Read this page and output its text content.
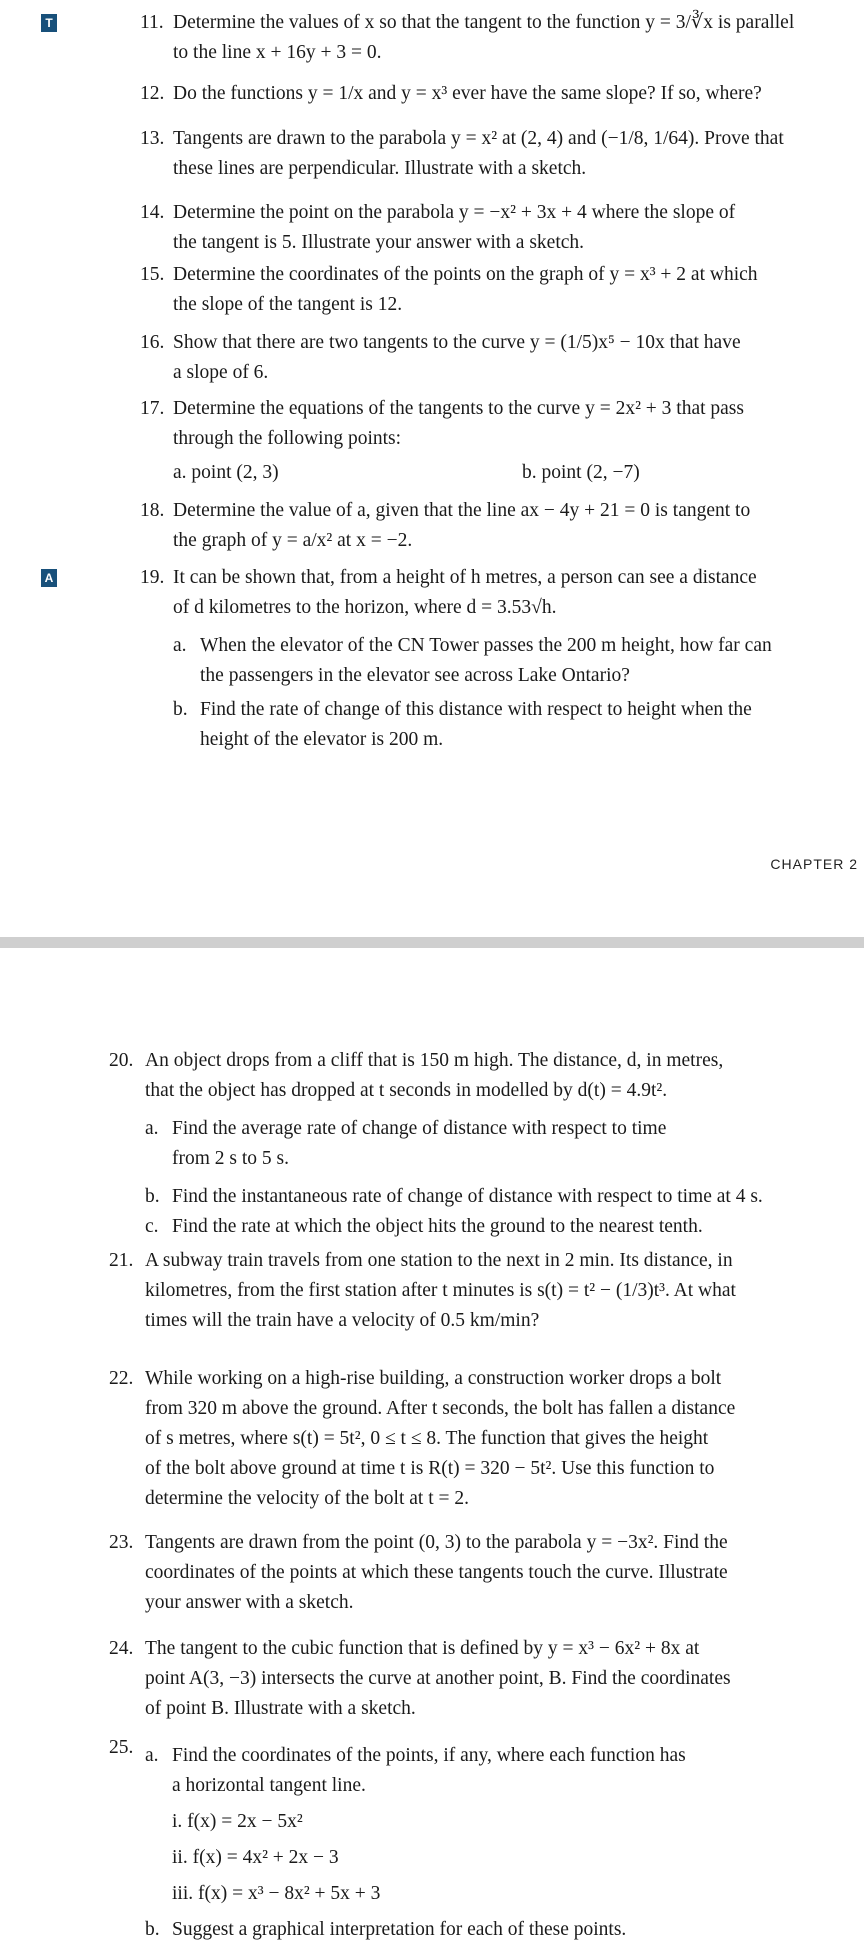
T
A
CHAPTER 2
11. Determine the values of x so that the tangent to the function y = 3/∛x is parallel
to the line x + 16y + 3 = 0.
12. Do the functions y = 1/x and y = x³ ever have the same slope? If so, where?
13. Tangents are drawn to the parabola y = x² at (2, 4) and (−1/8, 1/64). Prove that
these lines are perpendicular. Illustrate with a sketch.
14. Determine the point on the parabola y = −x² + 3x + 4 where the slope of
the tangent is 5. Illustrate your answer with a sketch.
15. Determine the coordinates of the points on the graph of y = x³ + 2 at which
the slope of the tangent is 12.
16. Show that there are two tangents to the curve y = (1/5)x⁵ − 10x that have
a slope of 6.
17. Determine the equations of the tangents to the curve y = 2x² + 3 that pass
through the following points:
a. point (2, 3)	b. point (2, −7)
18. Determine the value of a, given that the line ax − 4y + 21 = 0 is tangent to
the graph of y = a/x² at x = −2.
19. It can be shown that, from a height of h metres, a person can see a distance
of d kilometres to the horizon, where d = 3.53√h.
a. When the elevator of the CN Tower passes the 200 m height, how far can
the passengers in the elevator see across Lake Ontario?
b. Find the rate of change of this distance with respect to height when the
height of the elevator is 200 m.
20. An object drops from a cliff that is 150 m high. The distance, d, in metres,
that the object has dropped at t seconds in modelled by d(t) = 4.9t².
a. Find the average rate of change of distance with respect to time
from 2 s to 5 s.
b. Find the instantaneous rate of change of distance with respect to time at 4 s.
c. Find the rate at which the object hits the ground to the nearest tenth.
21. A subway train travels from one station to the next in 2 min. Its distance, in
kilometres, from the first station after t minutes is s(t) = t² − (1/3)t³. At what
times will the train have a velocity of 0.5 km/min?
22. While working on a high-rise building, a construction worker drops a bolt
from 320 m above the ground. After t seconds, the bolt has fallen a distance
of s metres, where s(t) = 5t², 0 ≤ t ≤ 8. The function that gives the height
of the bolt above ground at time t is R(t) = 320 − 5t². Use this function to
determine the velocity of the bolt at t = 2.
23. Tangents are drawn from the point (0, 3) to the parabola y = −3x². Find the
coordinates of the points at which these tangents touch the curve. Illustrate
your answer with a sketch.
24. The tangent to the cubic function that is defined by y = x³ − 6x² + 8x at
point A(3, −3) intersects the curve at another point, B. Find the coordinates
of point B. Illustrate with a sketch.
25. a. Find the coordinates of the points, if any, where each function has
a horizontal tangent line.
i. f(x) = 2x − 5x²
ii. f(x) = 4x² + 2x − 3
iii. f(x) = x³ − 8x² + 5x + 3
b. Suggest a graphical interpretation for each of these points.
